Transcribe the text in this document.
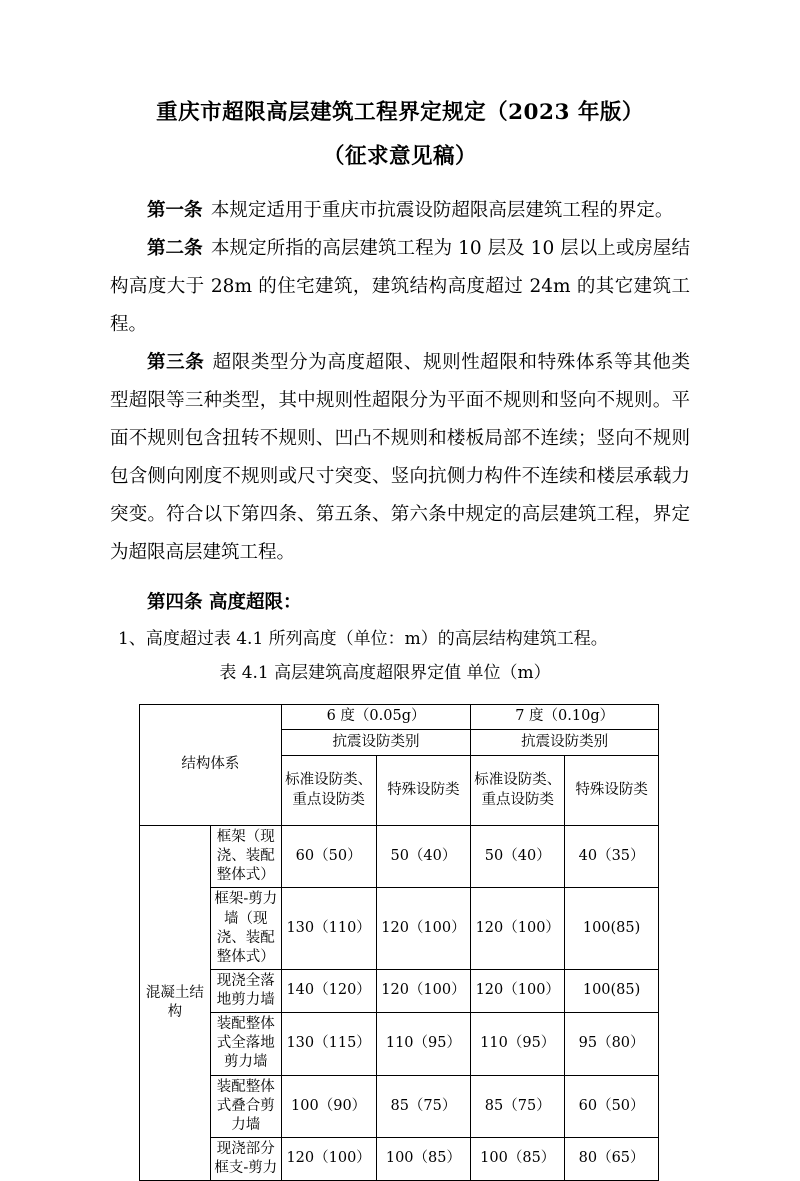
重庆市超限高层建筑工程界定规定（2023 年版）
（征求意见稿）

第一条 本规定适用于重庆市抗震设防超限高层建筑工程的界定。

第二条 本规定所指的高层建筑工程为 10 层及 10 层以上或房屋结构高度大于 28m 的住宅建筑，建筑结构高度超过 24m 的其它建筑工程。

第三条 超限类型分为高度超限、规则性超限和特殊体系等其他类型超限等三种类型，其中规则性超限分为平面不规则和竖向不规则。平面不规则包含扭转不规则、凹凸不规则和楼板局部不连续；竖向不规则包含侧向刚度不规则或尺寸突变、竖向抗侧力构件不连续和楼层承载力突变。符合以下第四条、第五条、第六条中规定的高层建筑工程，界定为超限高层建筑工程。

第四条 高度超限：

1、高度超过表 4.1 所列高度（单位：m）的高层结构建筑工程。

表 4.1 高层建筑高度超限界定值 单位（m）

结构体系		6 度（0.05g）		7 度（0.10g）	
		抗震设防类别		抗震设防类别	
		标准设防类、重点设防类	特殊设防类	标准设防类、重点设防类	特殊设防类
混凝土结构	框架（现浇、装配整体式）	60（50）	50（40）	50（40）	40（35）
	框架-剪力墙（现浇、装配整体式）	130（110）	120（100）	120（100）	100(85)
	现浇全落地剪力墙	140（120）	120（100）	120（100）	100(85)
	装配整体式全落地剪力墙	130（115）	110（95）	110（95）	95（80）
	装配整体式叠合剪力墙	100（90）	85（75）	85（75）	60（50）
	现浇部分框支-剪力	120（100）	100（85）	100（85）	80（65）
